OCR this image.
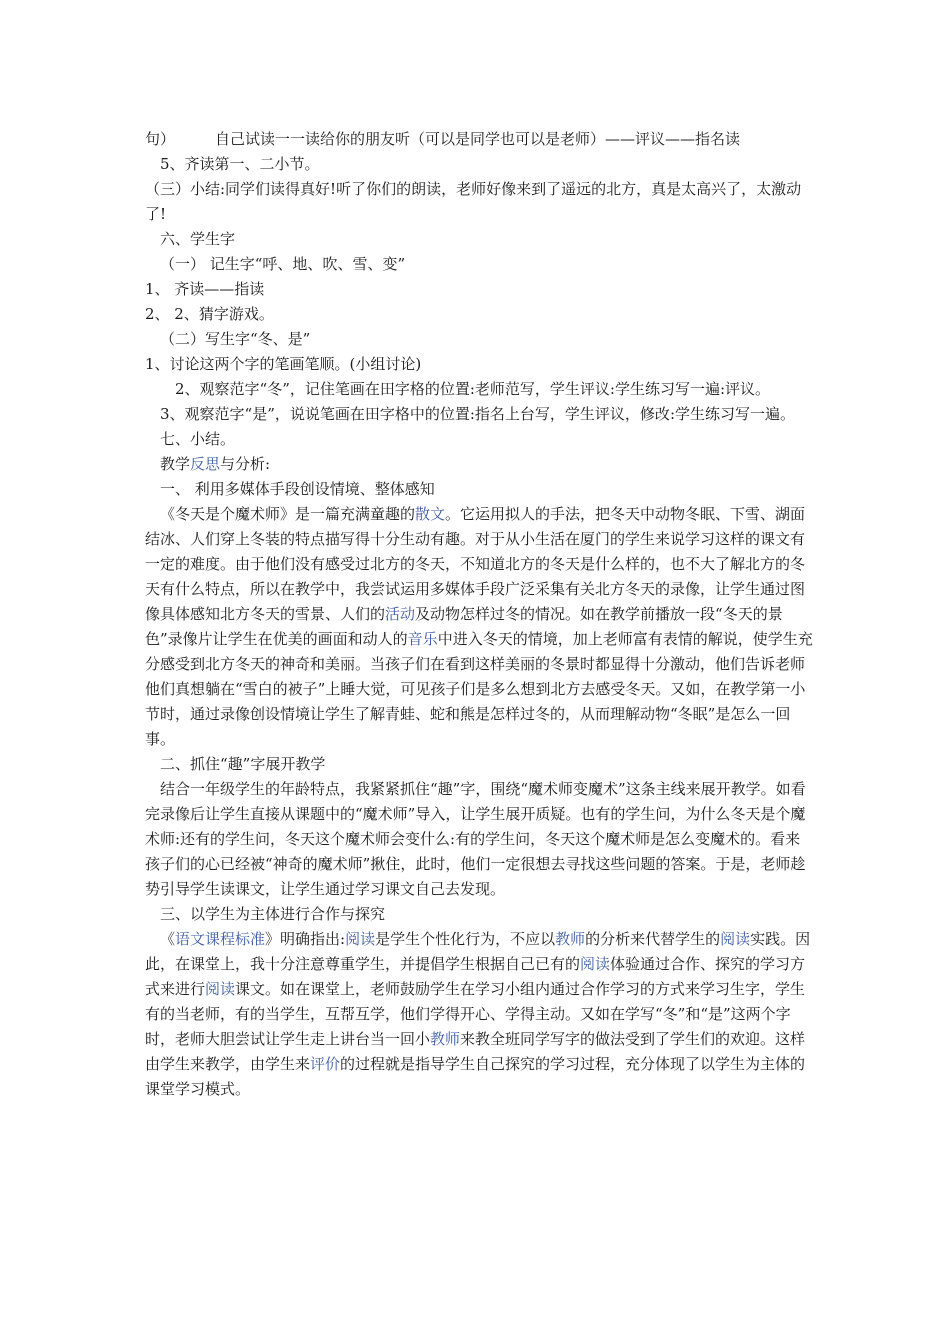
句）	自己试读一一读给你的朋友听（可以是同学也可以是老师）——评议——指名读

5、齐读第一、二小节。

（三）小结:同学们读得真好!听了你们的朗读，老师好像来到了遥远的北方，真是太高兴了，太激动了!

六、学生字

（一） 记生字“呼、地、吹、雪、变”

1、 齐读——指读

2、 2、猜字游戏。

（二）写生字“冬、是”

1、讨论这两个字的笔画笔顺。(小组讨论)

2、观察范字“冬”，记住笔画在田字格的位置:老师范写，学生评议:学生练习写一遍:评议。

3、观察范字“是”，说说笔画在田字格中的位置:指名上台写，学生评议，修改:学生练习写一遍。

七、小结。

教学反思与分析:

一、 利用多媒体手段创设情境、整体感知

《冬天是个魔术师》是一篇充满童趣的散文。它运用拟人的手法，把冬天中动物冬眠、下雪、湖面结冰、人们穿上冬装的特点描写得十分生动有趣。对于从小生活在厦门的学生来说学习这样的课文有一定的难度。由于他们没有感受过北方的冬天，不知道北方的冬天是什么样的，也不大了解北方的冬天有什么特点，所以在教学中，我尝试运用多媒体手段广泛采集有关北方冬天的录像，让学生通过图像具体感知北方冬天的雪景、人们的活动及动物怎样过冬的情况。如在教学前播放一段“冬天的景色”录像片让学生在优美的画面和动人的音乐中进入冬天的情境，加上老师富有表情的解说，使学生充分感受到北方冬天的神奇和美丽。当孩子们在看到这样美丽的冬景时都显得十分激动，他们告诉老师他们真想躺在“雪白的被子”上睡大觉，可见孩子们是多么想到北方去感受冬天。又如，在教学第一小节时，通过录像创设情境让学生了解青蛙、蛇和熊是怎样过冬的，从而理解动物“冬眠”是怎么一回事。

二、抓住“趣”字展开教学

结合一年级学生的年龄特点，我紧紧抓住“趣”字，围绕“魔术师变魔术”这条主线来展开教学。如看完录像后让学生直接从课题中的“魔术师”导入，让学生展开质疑。也有的学生问，为什么冬天是个魔术师:还有的学生问，冬天这个魔术师会变什么:有的学生问，冬天这个魔术师是怎么变魔术的。看来孩子们的心已经被“神奇的魔术师”揪住，此时，他们一定很想去寻找这些问题的答案。于是，老师趁势引导学生读课文，让学生通过学习课文自己去发现。

三、以学生为主体进行合作与探究

《语文课程标准》明确指出:阅读是学生个性化行为，不应以教师的分析来代替学生的阅读实践。因此，在课堂上，我十分注意尊重学生，并提倡学生根据自己已有的阅读体验通过合作、探究的学习方式来进行阅读课文。如在课堂上，老师鼓励学生在学习小组内通过合作学习的方式来学习生字，学生有的当老师，有的当学生，互帮互学，他们学得开心、学得主动。又如在学写“冬”和“是”这两个字时，老师大胆尝试让学生走上讲台当一回小教师来教全班同学写字的做法受到了学生们的欢迎。这样由学生来教学，由学生来评价的过程就是指导学生自己探究的学习过程，充分体现了以学生为主体的课堂学习模式。
